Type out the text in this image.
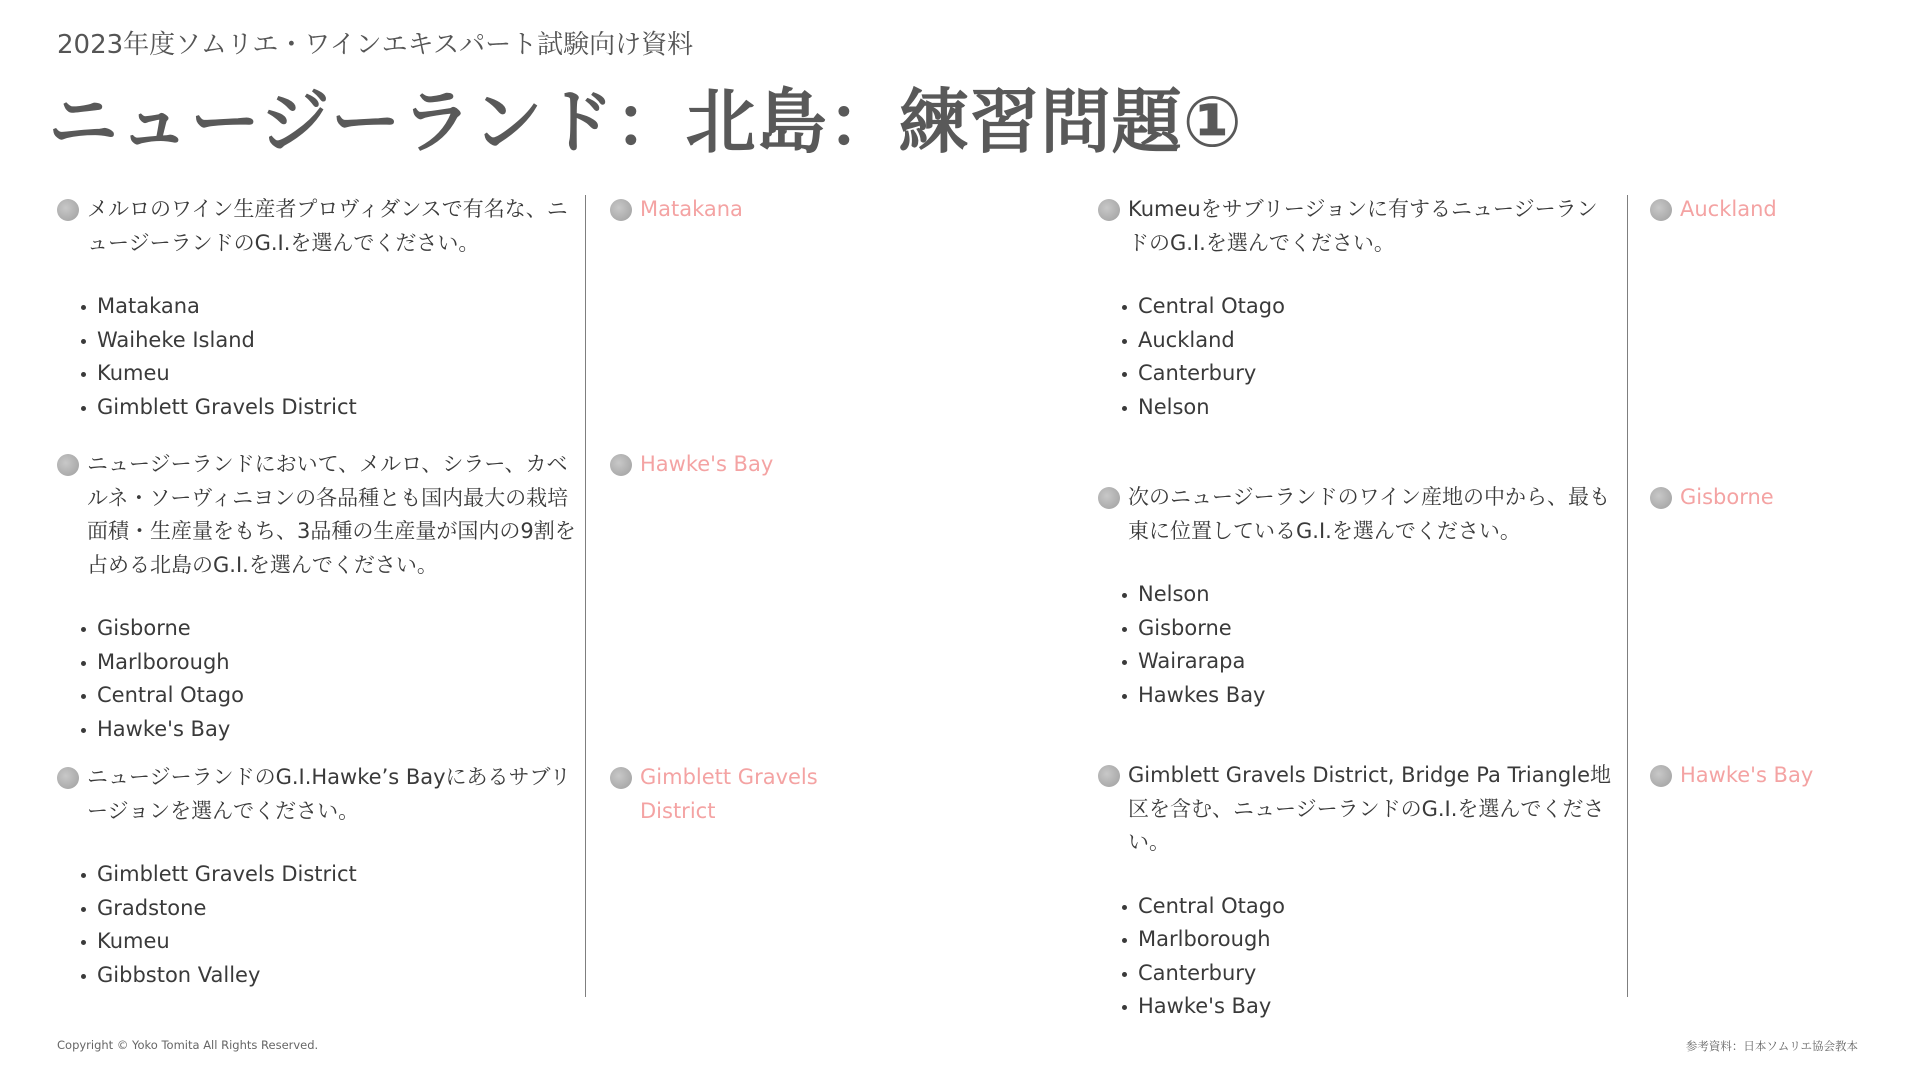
2023年度ソムリエ・ワインエキスパート試験向け資料
ニュージーランド：北島：練習問題①
メルロのワイン生産者プロヴィダンスで有名な、ニュージーランドのG.I.を選んでください。
Matakana
Waiheke Island
Kumeu
Gimblett Gravels District
Matakana
ニュージーランドにおいて、メルロ、シラー、カベルネ・ソーヴィニヨンの各品種とも国内最大の栽培面積・生産量をもち、3品種の生産量が国内の9割を占める北島のG.I.を選んでください。
Gisborne
Marlborough
Central Otago
Hawke's Bay
Hawke's Bay
ニュージーランドのG.I.Hawke’s Bayにあるサブリージョンを選んでください。
Gimblett Gravels District
Gradstone
Kumeu
Gibbston Valley
Gimblett Gravels District
Kumeuをサブリージョンに有するニュージーランドのG.I.を選んでください。
Central Otago
Auckland
Canterbury
Nelson
Auckland
次のニュージーランドのワイン産地の中から、最も東に位置しているG.I.を選んでください。
Nelson
Gisborne
Wairarapa
Hawkes Bay
Gisborne
Gimblett Gravels District, Bridge Pa Triangle地区を含む、ニュージーランドのG.I.を選んでください。
Central Otago
Marlborough
Canterbury
Hawke's Bay
Hawke's Bay
Copyright © Yoko Tomita All Rights Reserved.	参考資料：日本ソムリエ協会教本
